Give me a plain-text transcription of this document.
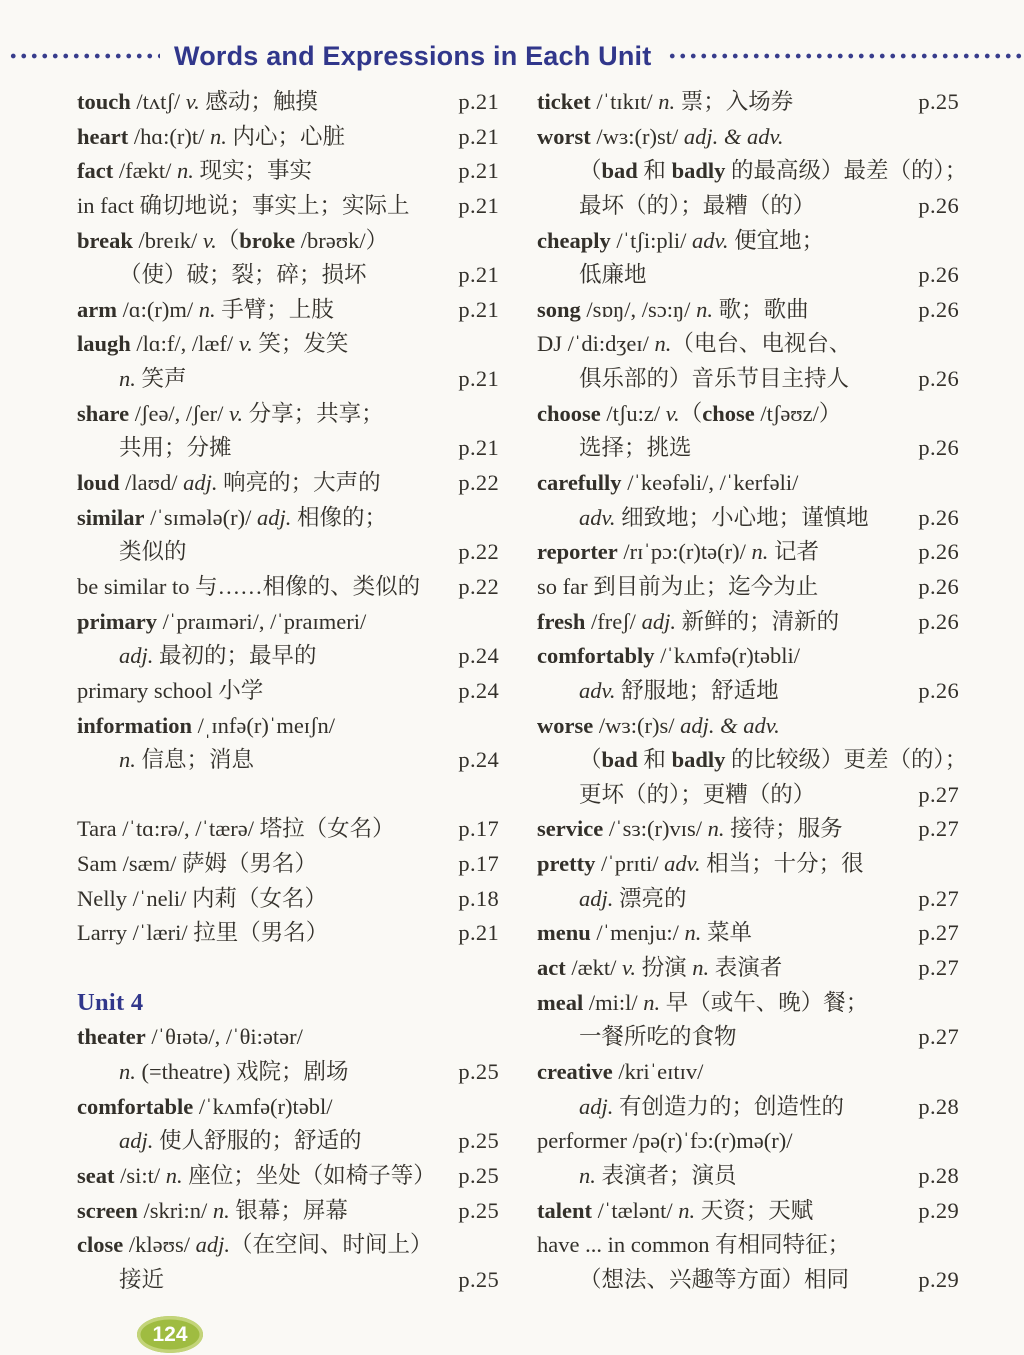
Words and Expressions in Each Unit
touch /tʌtʃ/ v. 感动；触摸	p.21
heart /hɑ:(r)t/ n. 内心；心脏	p.21
fact /fækt/ n. 现实；事实	p.21
in fact 确切地说；事实上；实际上	p.21
break /breɪk/ v.（broke /brəʊk/）
（使）破；裂；碎；损坏	p.21
arm /ɑ:(r)m/ n. 手臂；上肢	p.21
laugh /lɑ:f/, /læf/ v. 笑；发笑
n. 笑声	p.21
share /ʃeə/, /ʃer/ v. 分享；共享；
共用；分摊	p.21
loud /laʊd/ adj. 响亮的；大声的	p.22
similar /ˈsɪmələ(r)/ adj. 相像的；
类似的	p.22
be similar to 与……相像的、类似的	p.22
primary /ˈpraɪməri/, /ˈpraɪmeri/
adj. 最初的；最早的	p.24
primary school 小学	p.24
information /ˌɪnfə(r)ˈmeɪʃn/
n. 信息；消息	p.24
Tara /ˈtɑ:rə/, /ˈtærə/ 塔拉（女名）	p.17
Sam /sæm/ 萨姆（男名）	p.17
Nelly /ˈneli/ 内莉（女名）	p.18
Larry /ˈlæri/ 拉里（男名）	p.21
Unit 4
theater /ˈθɪətə/, /ˈθi:ətər/
n. (=theatre) 戏院；剧场	p.25
comfortable /ˈkʌmfə(r)təbl/
adj. 使人舒服的；舒适的	p.25
seat /si:t/ n. 座位；坐处（如椅子等）	p.25
screen /skri:n/ n. 银幕；屏幕	p.25
close /kləʊs/ adj.（在空间、时间上）
接近	p.25
ticket /ˈtɪkɪt/ n. 票；入场券	p.25
worst /wɜ:(r)st/ adj. & adv.
（bad 和 badly 的最高级）最差（的）；
最坏（的）；最糟（的）	p.26
cheaply /ˈtʃi:pli/ adv. 便宜地；
低廉地	p.26
song /sɒŋ/, /sɔ:ŋ/ n. 歌；歌曲	p.26
DJ /ˈdi:dʒeɪ/ n.（电台、电视台、
俱乐部的）音乐节目主持人	p.26
choose /tʃu:z/ v.（chose /tʃəʊz/）
选择；挑选	p.26
carefully /ˈkeəfəli/, /ˈkerfəli/
adv. 细致地；小心地；谨慎地	p.26
reporter /rɪˈpɔ:(r)tə(r)/ n. 记者	p.26
so far 到目前为止；迄今为止	p.26
fresh /freʃ/ adj. 新鲜的；清新的	p.26
comfortably /ˈkʌmfə(r)təbli/
adv. 舒服地；舒适地	p.26
worse /wɜ:(r)s/ adj. & adv.
（bad 和 badly 的比较级）更差（的）；
更坏（的）；更糟（的）	p.27
service /ˈsɜ:(r)vɪs/ n. 接待；服务	p.27
pretty /ˈprɪti/ adv. 相当；十分；很
adj. 漂亮的	p.27
menu /ˈmenju:/ n. 菜单	p.27
act /ækt/ v. 扮演 n. 表演者	p.27
meal /mi:l/ n. 早（或午、晚）餐；
一餐所吃的食物	p.27
creative /kriˈeɪtɪv/
adj. 有创造力的；创造性的	p.28
performer /pə(r)ˈfɔ:(r)mə(r)/
n. 表演者；演员	p.28
talent /ˈtælənt/ n. 天资；天赋	p.29
have ... in common 有相同特征；
（想法、兴趣等方面）相同	p.29
124
